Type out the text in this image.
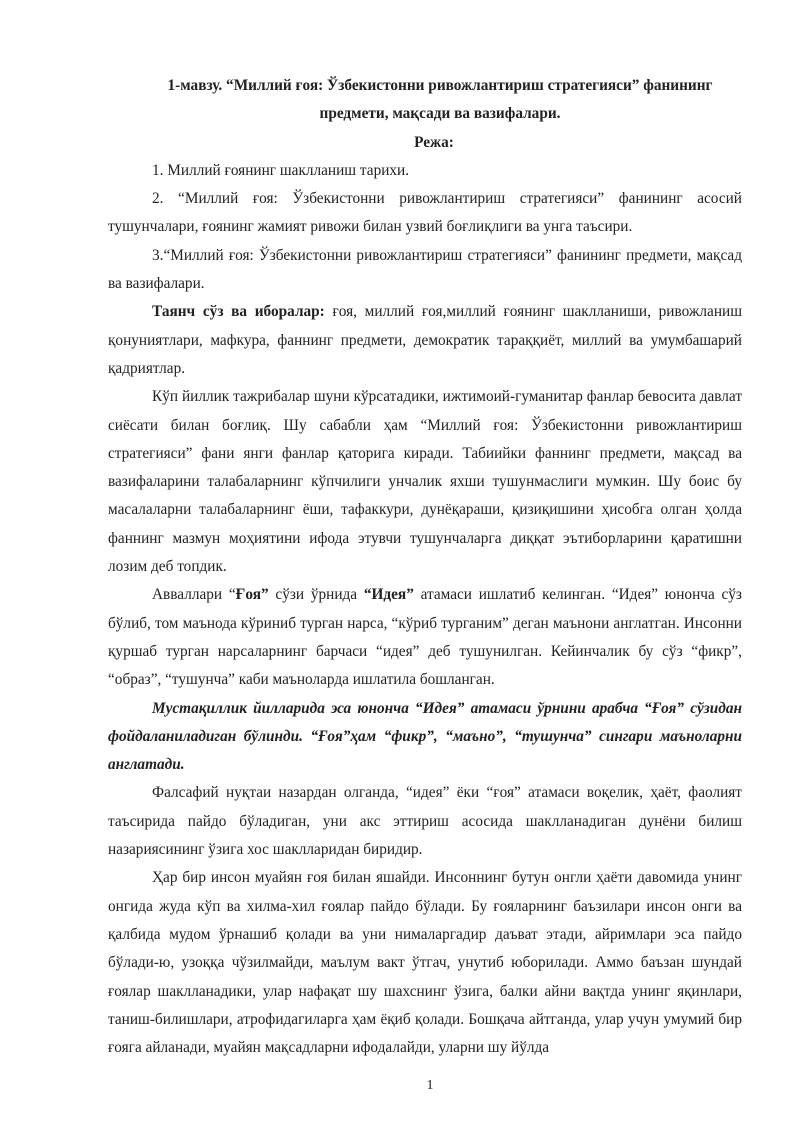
1-мавзу. “Миллий ғоя: Ўзбекистонни ривожлантириш стратегияси” фанининг предмети, мақсади ва вазифалари.
Режа:

1. Миллий ғоянинг шаклланиш тарихи.

2. “Миллий ғоя: Ўзбекистонни ривожлантириш стратегияси” фанининг асосий тушунчалари, ғоянинг жамият ривожи билан узвий боғлиқлиги ва унга таъсири.

3.“Миллий ғоя: Ўзбекистонни ривожлантириш стратегияси” фанининг предмети, мақсад ва вазифалари.

Таянч сўз ва иборалар: ғоя, миллий ғоя,миллий ғоянинг шаклланиши, ривожланиш қонуниятлари, мафкура, фаннинг предмети, демократик тараққиёт, миллий ва умумбашарий қадриятлар.

Кўп йиллик тажрибалар шуни кўрсатадики, ижтимоий-гуманитар фанлар бевосита давлат сиёсати билан боғлиқ. Шу сабабли ҳам “Миллий ғоя: Ўзбекистонни ривожлантириш стратегияси” фани янги фанлар қаторига киради. Табиийки фаннинг предмети, мақсад ва вазифаларини талабаларнинг кўпчилиги унчалик яхши тушунмаслиги мумкин. Шу боис бу масалаларни талабаларнинг ёши, тафаккури, дунёқараши, қизиқишини ҳисобга олган ҳолда фаннинг мазмун моҳиятини ифода этувчи тушунчаларга диққат эътиборларини қаратишни лозим деб топдик.

Авваллари “Ғоя” сўзи ўрнида “Идея” атамаси ишлатиб келинган. “Идея” юнонча сўз бўлиб, том маънода кўриниб турган нарса, “кўриб турганим” деган маънони англатган. Инсонни қуршаб турган нарсаларнинг барчаси “идея” деб тушунилган. Кейинчалик бу сўз “фикр”, “образ”, “тушунча” каби маъноларда ишлатила бошланган.

Мустақиллик йилларида эса юнонча “Идея” атамаси ўрнини арабча “Ғоя” сўзидан фойдаланиладиган бўлинди. “Ғоя”ҳам “фикр”, “маъно”, “тушунча” сингари маъноларни англатади.

Фалсафий нуқтаи назардан олганда, “идея” ёки “ғоя” атамаси воқелик, ҳаёт, фаолият таъсирида пайдо бўладиган, уни акс эттириш асосида шаклланадиган дунёни билиш назариясининг ўзига хос шаклларидан биридир.

Ҳар бир инсон муайян ғоя билан яшайди. Инсоннинг бутун онгли ҳаёти давомида унинг онгида жуда кўп ва хилма-хил ғоялар пайдо бўлади. Бу ғояларнинг баъзилари инсон онги ва қалбида мудом ўрнашиб қолади ва уни нималаргадир даъват этади, айримлари эса пайдо бўлади-ю, узоққа чўзилмайди, маълум вакт ўтгач, унутиб юборилади. Аммо баъзан шундай ғоялар шаклланадики, улар нафақат шу шахснинг ўзига, балки айни вақтда унинг яқинлари, таниш-билишлари, атрофидагиларга ҳам ёқиб қолади. Бошқача айтганда, улар учун умумий бир ғояга айланади, муайян мақсадларни ифодалайди, уларни шу йўлда

1
